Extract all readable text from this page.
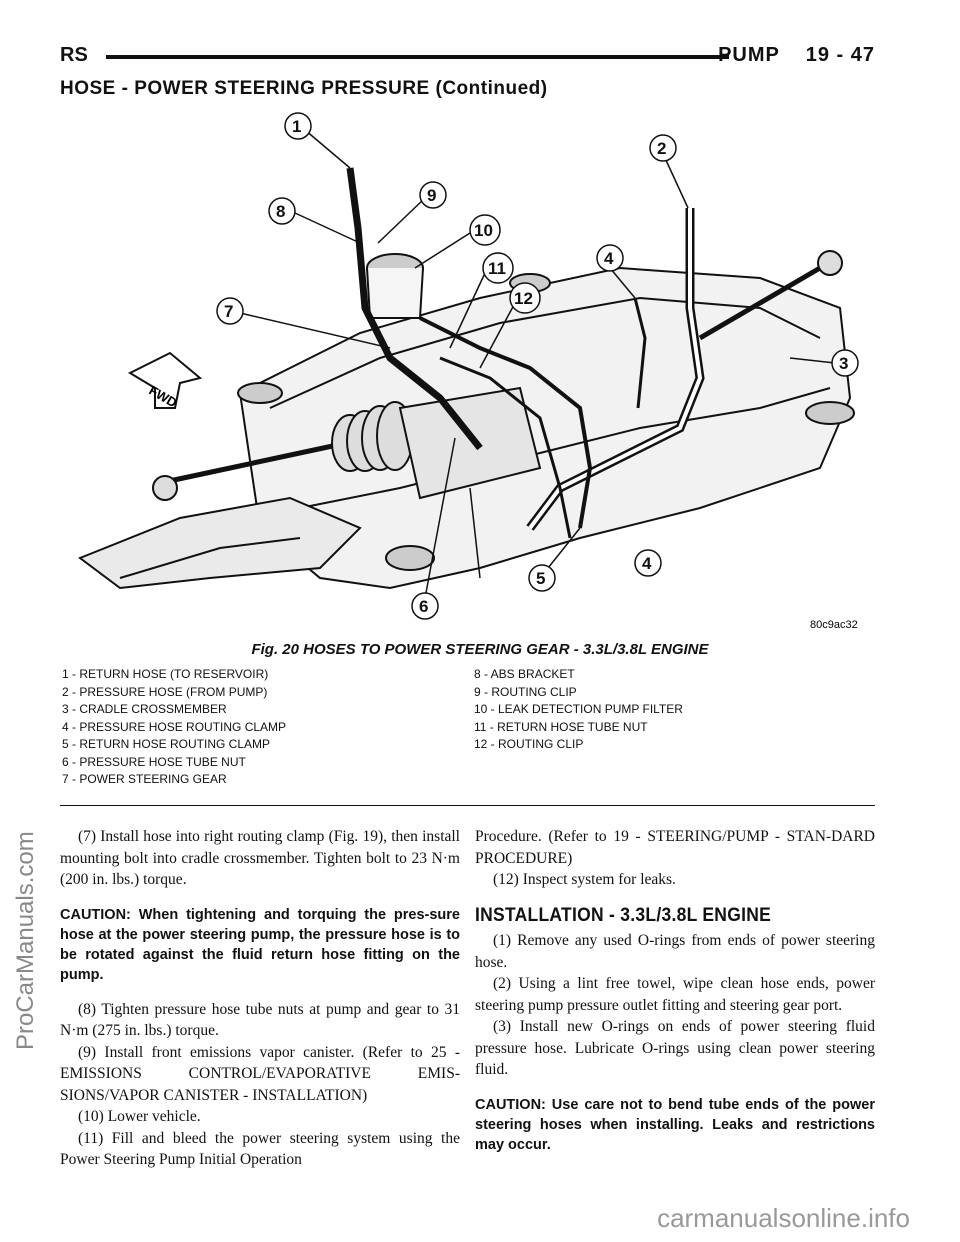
RS	PUMP    19 - 47
HOSE - POWER STEERING PRESSURE (Continued)
FWD
1
2
3
4
5
6
7
8
9
10
11
12
4
80c9ac32
Fig. 20 HOSES TO POWER STEERING GEAR - 3.3L/3.8L ENGINE
1 - RETURN HOSE (TO RESERVOIR)
2 - PRESSURE HOSE (FROM PUMP)
3 - CRADLE CROSSMEMBER
4 - PRESSURE HOSE ROUTING CLAMP
5 - RETURN HOSE ROUTING CLAMP
6 - PRESSURE HOSE TUBE NUT
7 - POWER STEERING GEAR
8 - ABS BRACKET
9 - ROUTING CLIP
10 - LEAK DETECTION PUMP FILTER
11 - RETURN HOSE TUBE NUT
12 - ROUTING CLIP

(7) Install hose into right routing clamp (Fig. 19), then install mounting bolt into cradle crossmember. Tighten bolt to 23 N·m (200 in. lbs.) torque.

CAUTION: When tightening and torquing the pres-sure hose at the power steering pump, the pressure hose is to be rotated against the fluid return hose fitting on the pump.

(8) Tighten pressure hose tube nuts at pump and gear to 31 N·m (275 in. lbs.) torque.

(9) Install front emissions vapor canister. (Refer to 25 - EMISSIONS CONTROL/EVAPORATIVE EMIS-SIONS/VAPOR CANISTER - INSTALLATION)

(10) Lower vehicle.

(11) Fill and bleed the power steering system using the Power Steering Pump Initial Operation

Procedure. (Refer to 19 - STEERING/PUMP - STAN-DARD PROCEDURE)

(12) Inspect system for leaks.

INSTALLATION - 3.3L/3.8L ENGINE

(1) Remove any used O-rings from ends of power steering hose.

(2) Using a lint free towel, wipe clean hose ends, power steering pump pressure outlet fitting and steering gear port.

(3) Install new O-rings on ends of power steering fluid pressure hose. Lubricate O-rings using clean power steering fluid.

CAUTION: Use care not to bend tube ends of the power steering hoses when installing. Leaks and restrictions may occur.

ProCarManuals.com
carmanualsonline.info
